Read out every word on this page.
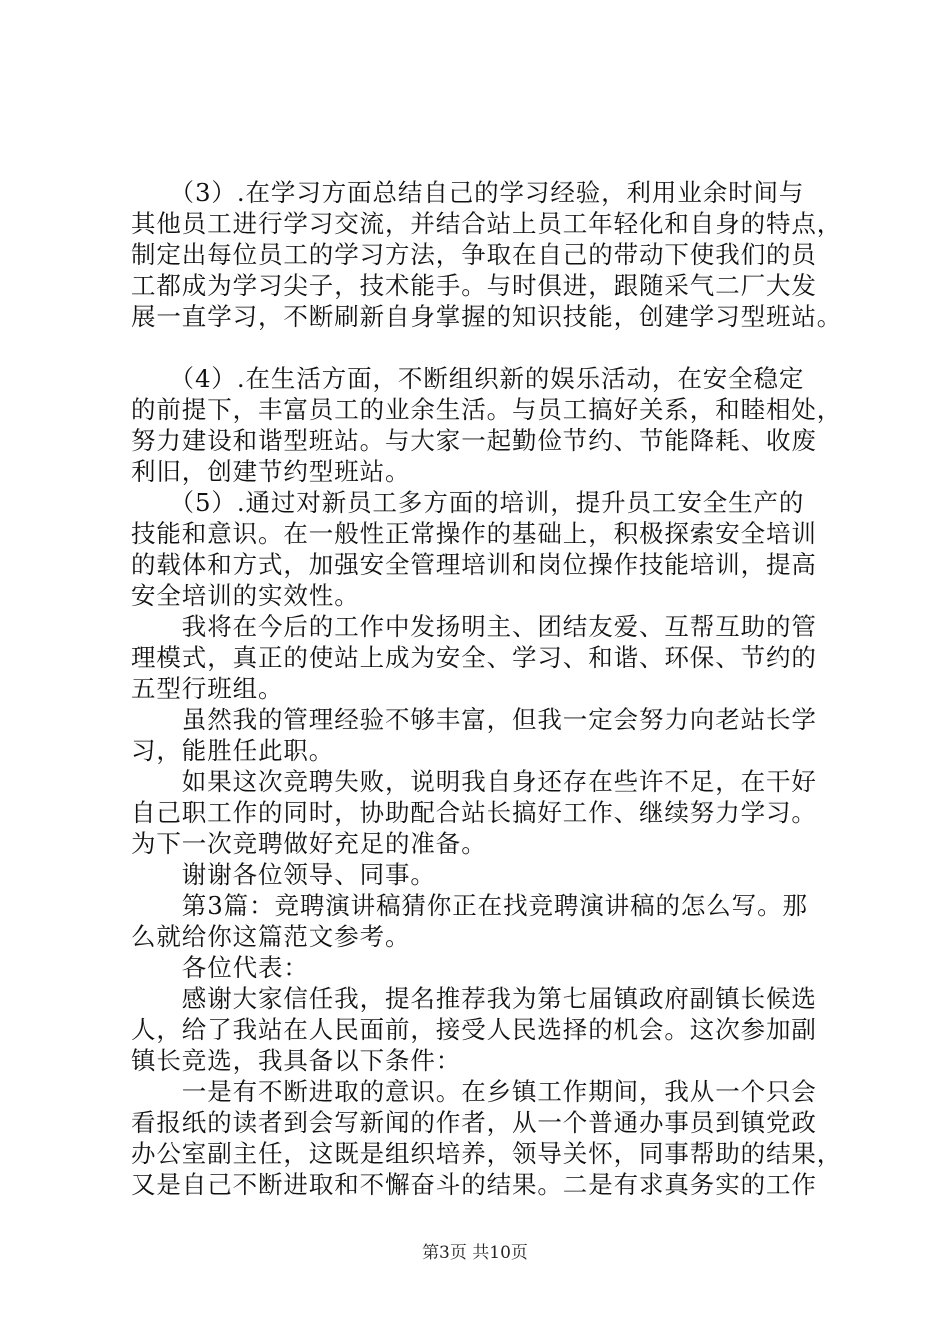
　　（3）.在学习方面总结自己的学习经验，利用业余时间与
其他员工进行学习交流，并结合站上员工年轻化和自身的特点，
制定出每位员工的学习方法，争取在自己的带动下使我们的员
工都成为学习尖子，技术能手。与时俱进，跟随采气二厂大发
展一直学习，不断刷新自身掌握的知识技能，创建学习型班站。
　　（4）.在生活方面，不断组织新的娱乐活动，在安全稳定
的前提下，丰富员工的业余生活。与员工搞好关系，和睦相处，
努力建设和谐型班站。与大家一起勤俭节约、节能降耗、收废
利旧，创建节约型班站。
　　（5）.通过对新员工多方面的培训，提升员工安全生产的
技能和意识。在一般性正常操作的基础上，积极探索安全培训
的载体和方式，加强安全管理培训和岗位操作技能培训，提高
安全培训的实效性。
　　我将在今后的工作中发扬明主、团结友爱、互帮互助的管
理模式，真正的使站上成为安全、学习、和谐、环保、节约的
五型行班组。
　　虽然我的管理经验不够丰富，但我一定会努力向老站长学
习，能胜任此职。
　　如果这次竞聘失败，说明我自身还存在些许不足，在干好
自己职工作的同时，协助配合站长搞好工作、继续努力学习。
为下一次竞聘做好充足的准备。
　　谢谢各位领导、同事。
　　第3篇：竞聘演讲稿猜你正在找竞聘演讲稿的怎么写。那
么就给你这篇范文参考。
　　各位代表：
　　感谢大家信任我，提名推荐我为第七届镇政府副镇长候选
人，给了我站在人民面前，接受人民选择的机会。这次参加副
镇长竞选，我具备以下条件：
　　一是有不断进取的意识。在乡镇工作期间，我从一个只会
看报纸的读者到会写新闻的作者，从一个普通办事员到镇党政
办公室副主任，这既是组织培养，领导关怀，同事帮助的结果，
又是自己不断进取和不懈奋斗的结果。二是有求真务实的工作
第3页 共10页
